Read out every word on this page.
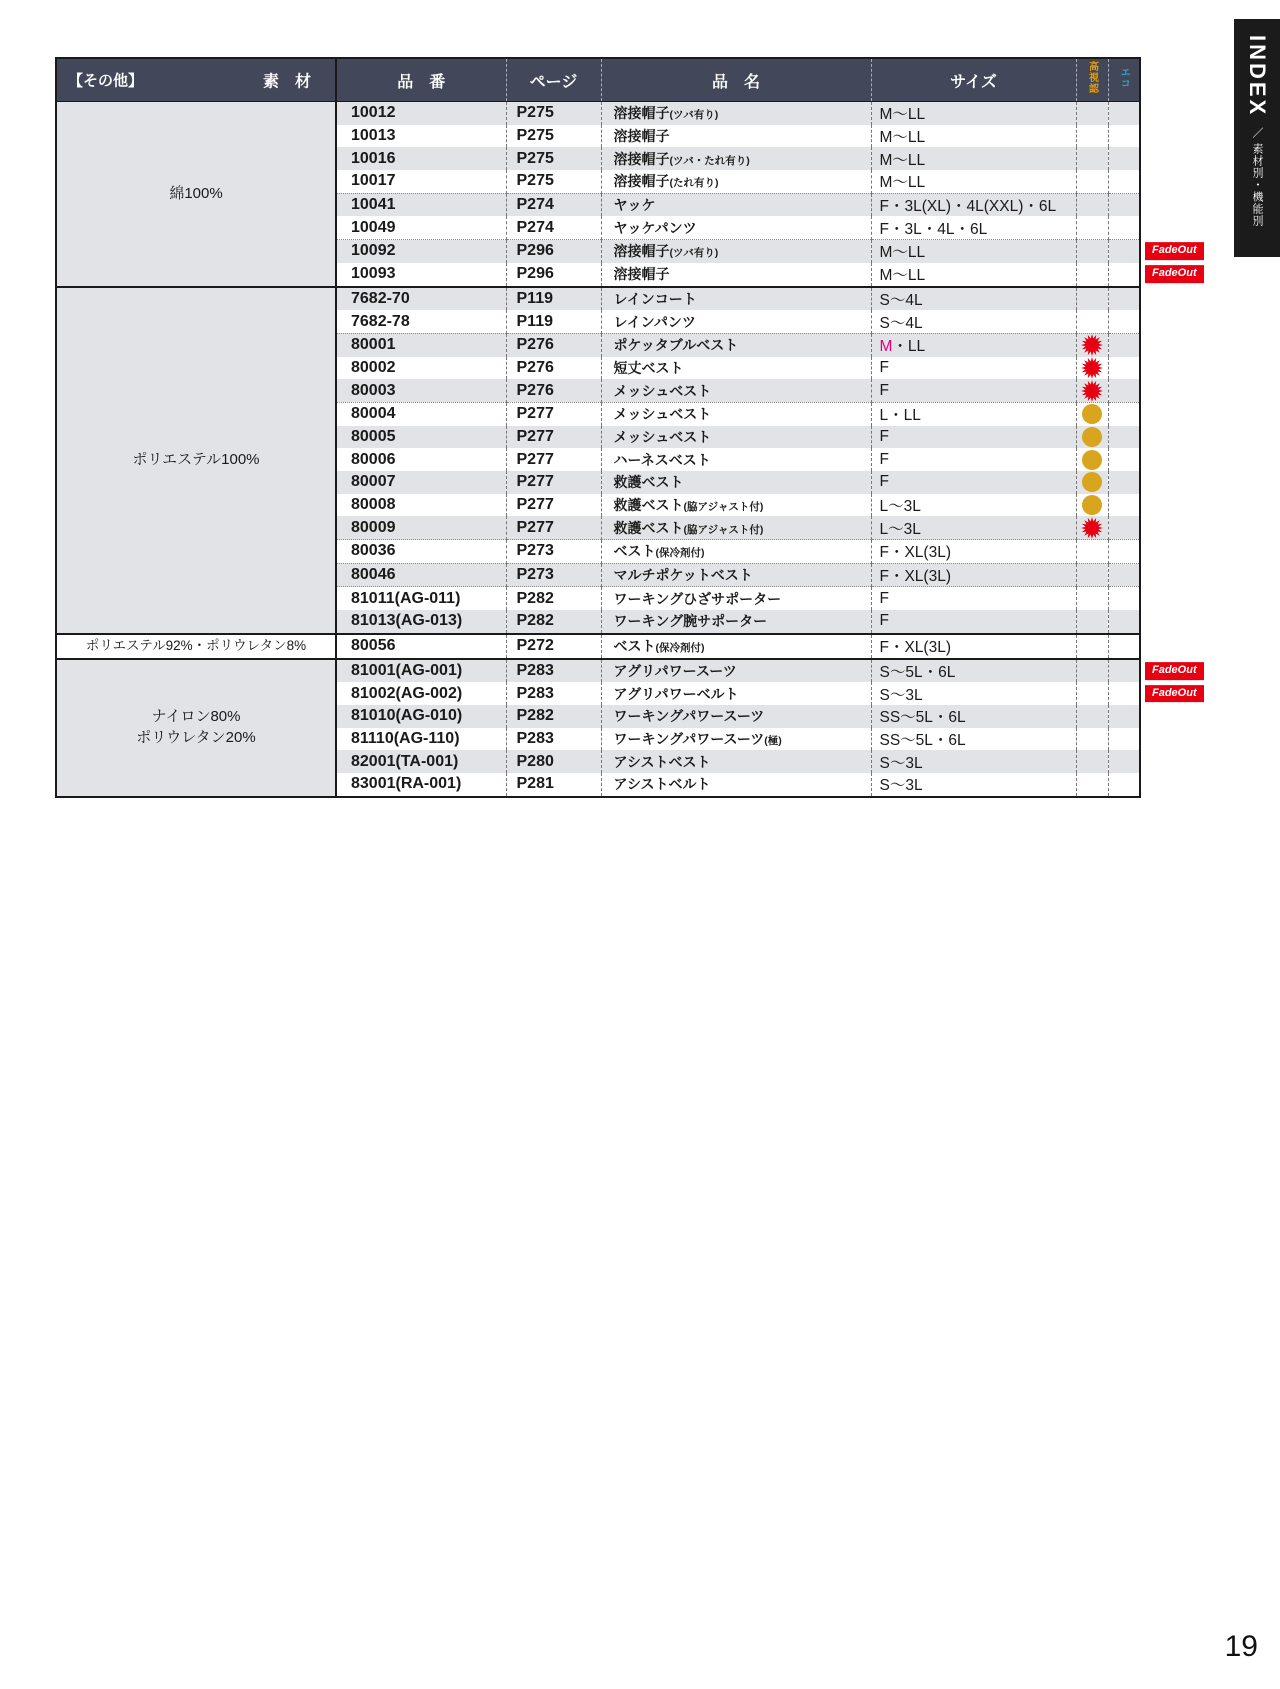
【その他】 素　材	品　番	ページ	品　名	サイズ	高視認	エコ

綿100%	10012	P275	溶接帽子(ツバ有り)	M〜LL		
	10013	P275	溶接帽子	M〜LL		
	10016	P275	溶接帽子(ツバ・たれ有り)	M〜LL		
	10017	P275	溶接帽子(たれ有り)	M〜LL		
	10041	P274	ヤッケ	F・3L(XL)・4L(XXL)・6L		
	10049	P274	ヤッケパンツ	F・3L・4L・6L		
	10092	P296	溶接帽子(ツバ有り)	M〜LL		FadeOut

	10093	P296	溶接帽子	M〜LL		FadeOut

ポリエステル100%	7682-70	P119	レインコート	S〜4L		
	7682-78	P119	レインパンツ	S〜4L		
	80001	P276	ポケッタブルベスト	M・LL	

	80002	P276	短丈ベスト	F	

	80003	P276	メッシュベスト	F	

	80004	P277	メッシュベスト	L・LL		
	80005	P277	メッシュベスト	F		
	80006	P277	ハーネスベスト	F		
	80007	P277	救護ベスト	F		
	80008	P277	救護ベスト(脇アジャスト付)	L〜3L		
	80009	P277	救護ベスト(脇アジャスト付)	L〜3L	

	80036	P273	ベスト(保冷剤付)	F・XL(3L)		
	80046	P273	マルチポケットベスト	F・XL(3L)		
	81011(AG-011)	P282	ワーキングひざサポーター	F		
	81013(AG-013)	P282	ワーキング腕サポーター	F		

ポリエステル92%・ポリウレタン8%	80056	P272	ベスト(保冷剤付)	F・XL(3L)		

ナイロン80%
ポリウレタン20%	81001(AG-001)	P283	アグリパワースーツ	S〜5L・6L		FadeOut

	81002(AG-002)	P283	アグリパワーベルト	S〜3L		FadeOut

	81010(AG-010)	P282	ワーキングパワースーツ	SS〜5L・6L		
	81110(AG-110)	P283	ワーキングパワースーツ(極)	SS〜5L・6L		
	82001(TA-001)	P280	アシストベスト	S〜3L		
	83001(RA-001)	P281	アシストベルト	S〜3L		
INDEX
／ 素材別・機能別
19
